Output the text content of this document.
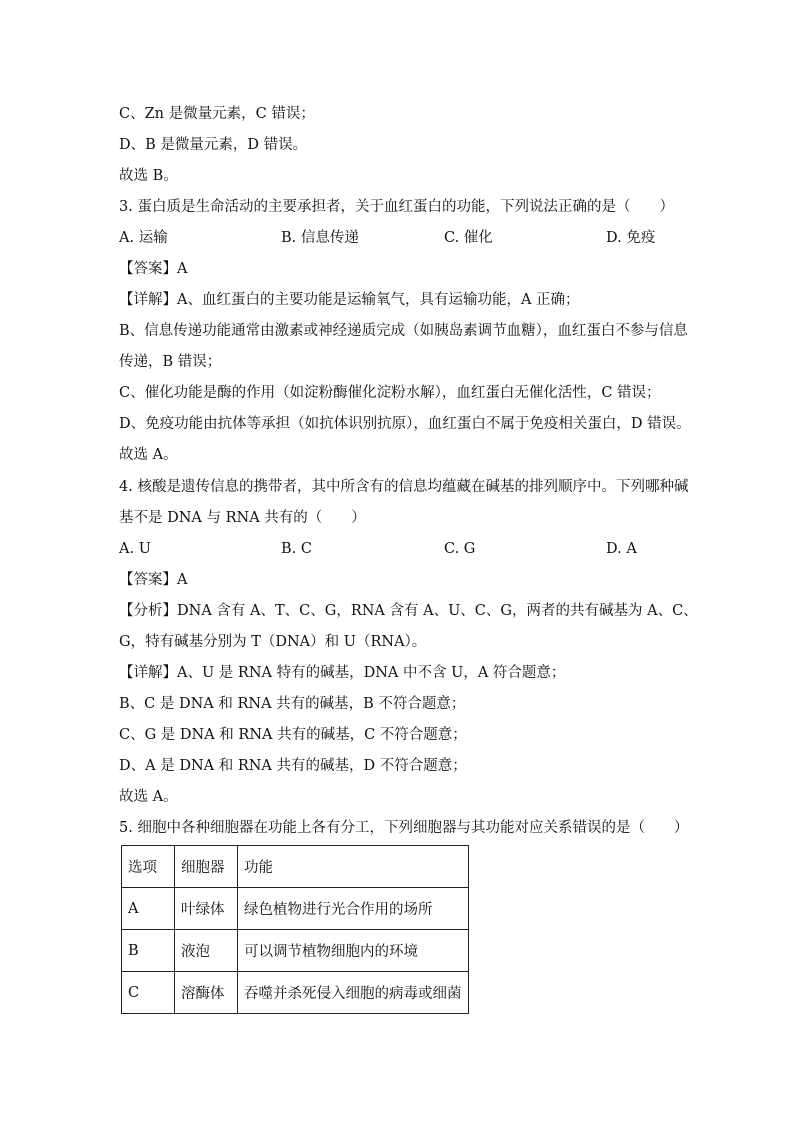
C、Zn 是微量元素，C 错误；
D、B 是微量元素，D 错误。
故选 B。
3. 蛋白质是生命活动的主要承担者，关于血红蛋白的功能，下列说法正确的是（　　）
A. 运输	B. 信息传递	C. 催化	D. 免疫
【答案】A
【详解】A、血红蛋白的主要功能是运输氧气，具有运输功能，A 正确；
B、信息传递功能通常由激素或神经递质完成（如胰岛素调节血糖），血红蛋白不参与信息
传递，B 错误；
C、催化功能是酶的作用（如淀粉酶催化淀粉水解），血红蛋白无催化活性，C 错误；
D、免疫功能由抗体等承担（如抗体识别抗原），血红蛋白不属于免疫相关蛋白，D 错误。
故选 A。
4. 核酸是遗传信息的携带者，其中所含有的信息均蕴藏在碱基的排列顺序中。下列哪种碱
基不是 DNA 与 RNA 共有的（　　）
A. U	B. C	C. G	D. A
【答案】A
【分析】DNA 含有 A、T、C、G，RNA 含有 A、U、C、G，两者的共有碱基为 A、C、
G，特有碱基分别为 T（DNA）和 U（RNA）。
【详解】A、U 是 RNA 特有的碱基，DNA 中不含 U，A 符合题意；
B、C 是 DNA 和 RNA 共有的碱基，B 不符合题意；
C、G 是 DNA 和 RNA 共有的碱基，C 不符合题意；
D、A 是 DNA 和 RNA 共有的碱基，D 不符合题意；
故选 A。
5. 细胞中各种细胞器在功能上各有分工，下列细胞器与其功能对应关系错误的是（　　）
选项	细胞器	功能
A	叶绿体	绿色植物进行光合作用的场所
B	液泡	可以调节植物细胞内的环境
C	溶酶体	吞噬并杀死侵入细胞的病毒或细菌
